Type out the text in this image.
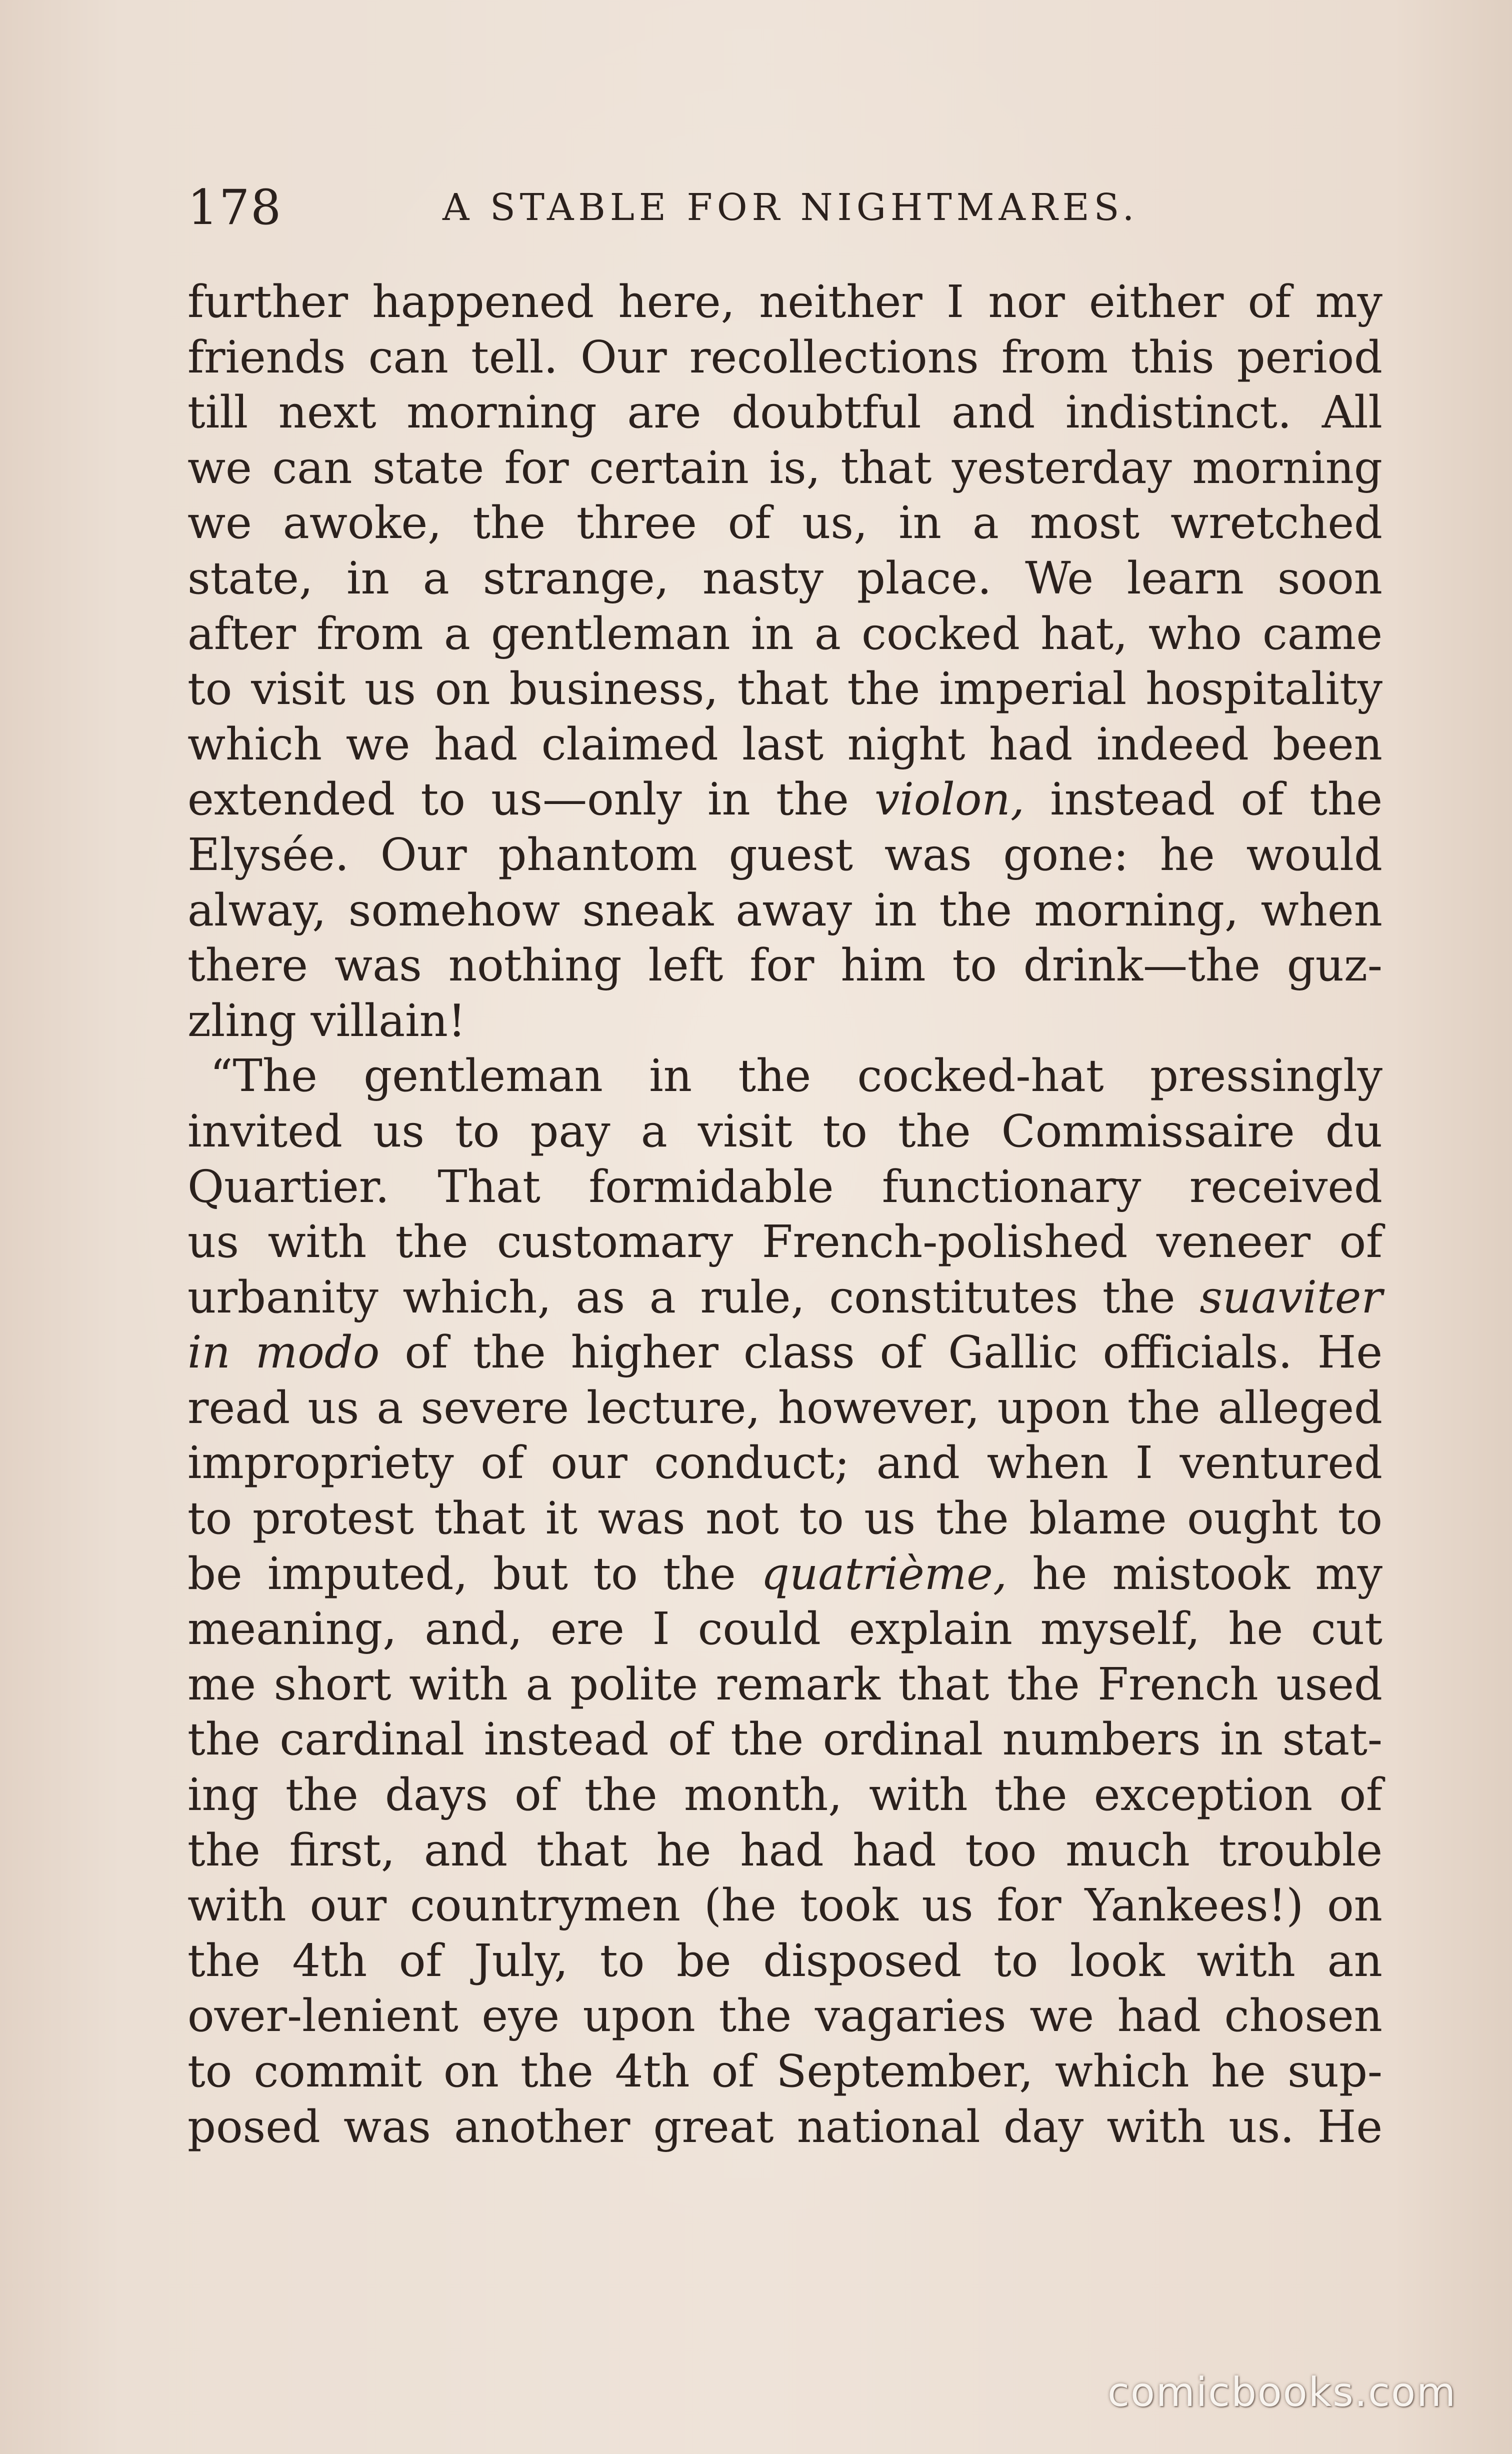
178	A STABLE FOR NIGHTMARES.
further happened here, neither I nor either of my
friends can tell. Our recollections from this period
till next morning are doubtful and indistinct. All
we can state for certain is, that yesterday morning
we awoke, the three of us, in a most wretched
state, in a strange, nasty place. We learn soon
after from a gentleman in a cocked hat, who came
to visit us on business, that the imperial hospitality
which we had claimed last night had indeed been
extended to us—only in the violon, instead of the
Elysée. Our phantom guest was gone: he would
alway, somehow sneak away in the morning, when
there was nothing left for him to drink—the guz-
zling villain!
“The gentleman in the cocked-hat pressingly
invited us to pay a visit to the Commissaire du
Quartier. That formidable functionary received
us with the customary French-polished veneer of
urbanity which, as a rule, constitutes the suaviter
in modo of the higher class of Gallic officials. He
read us a severe lecture, however, upon the alleged
impropriety of our conduct; and when I ventured
to protest that it was not to us the blame ought to
be imputed, but to the quatrième, he mistook my
meaning, and, ere I could explain myself, he cut
me short with a polite remark that the French used
the cardinal instead of the ordinal numbers in stat-
ing the days of the month, with the exception of
the first, and that he had had too much trouble
with our countrymen (he took us for Yankees!) on
the 4th of July, to be disposed to look with an
over-lenient eye upon the vagaries we had chosen
to commit on the 4th of September, which he sup-
posed was another great national day with us. He
comicbooks.com
